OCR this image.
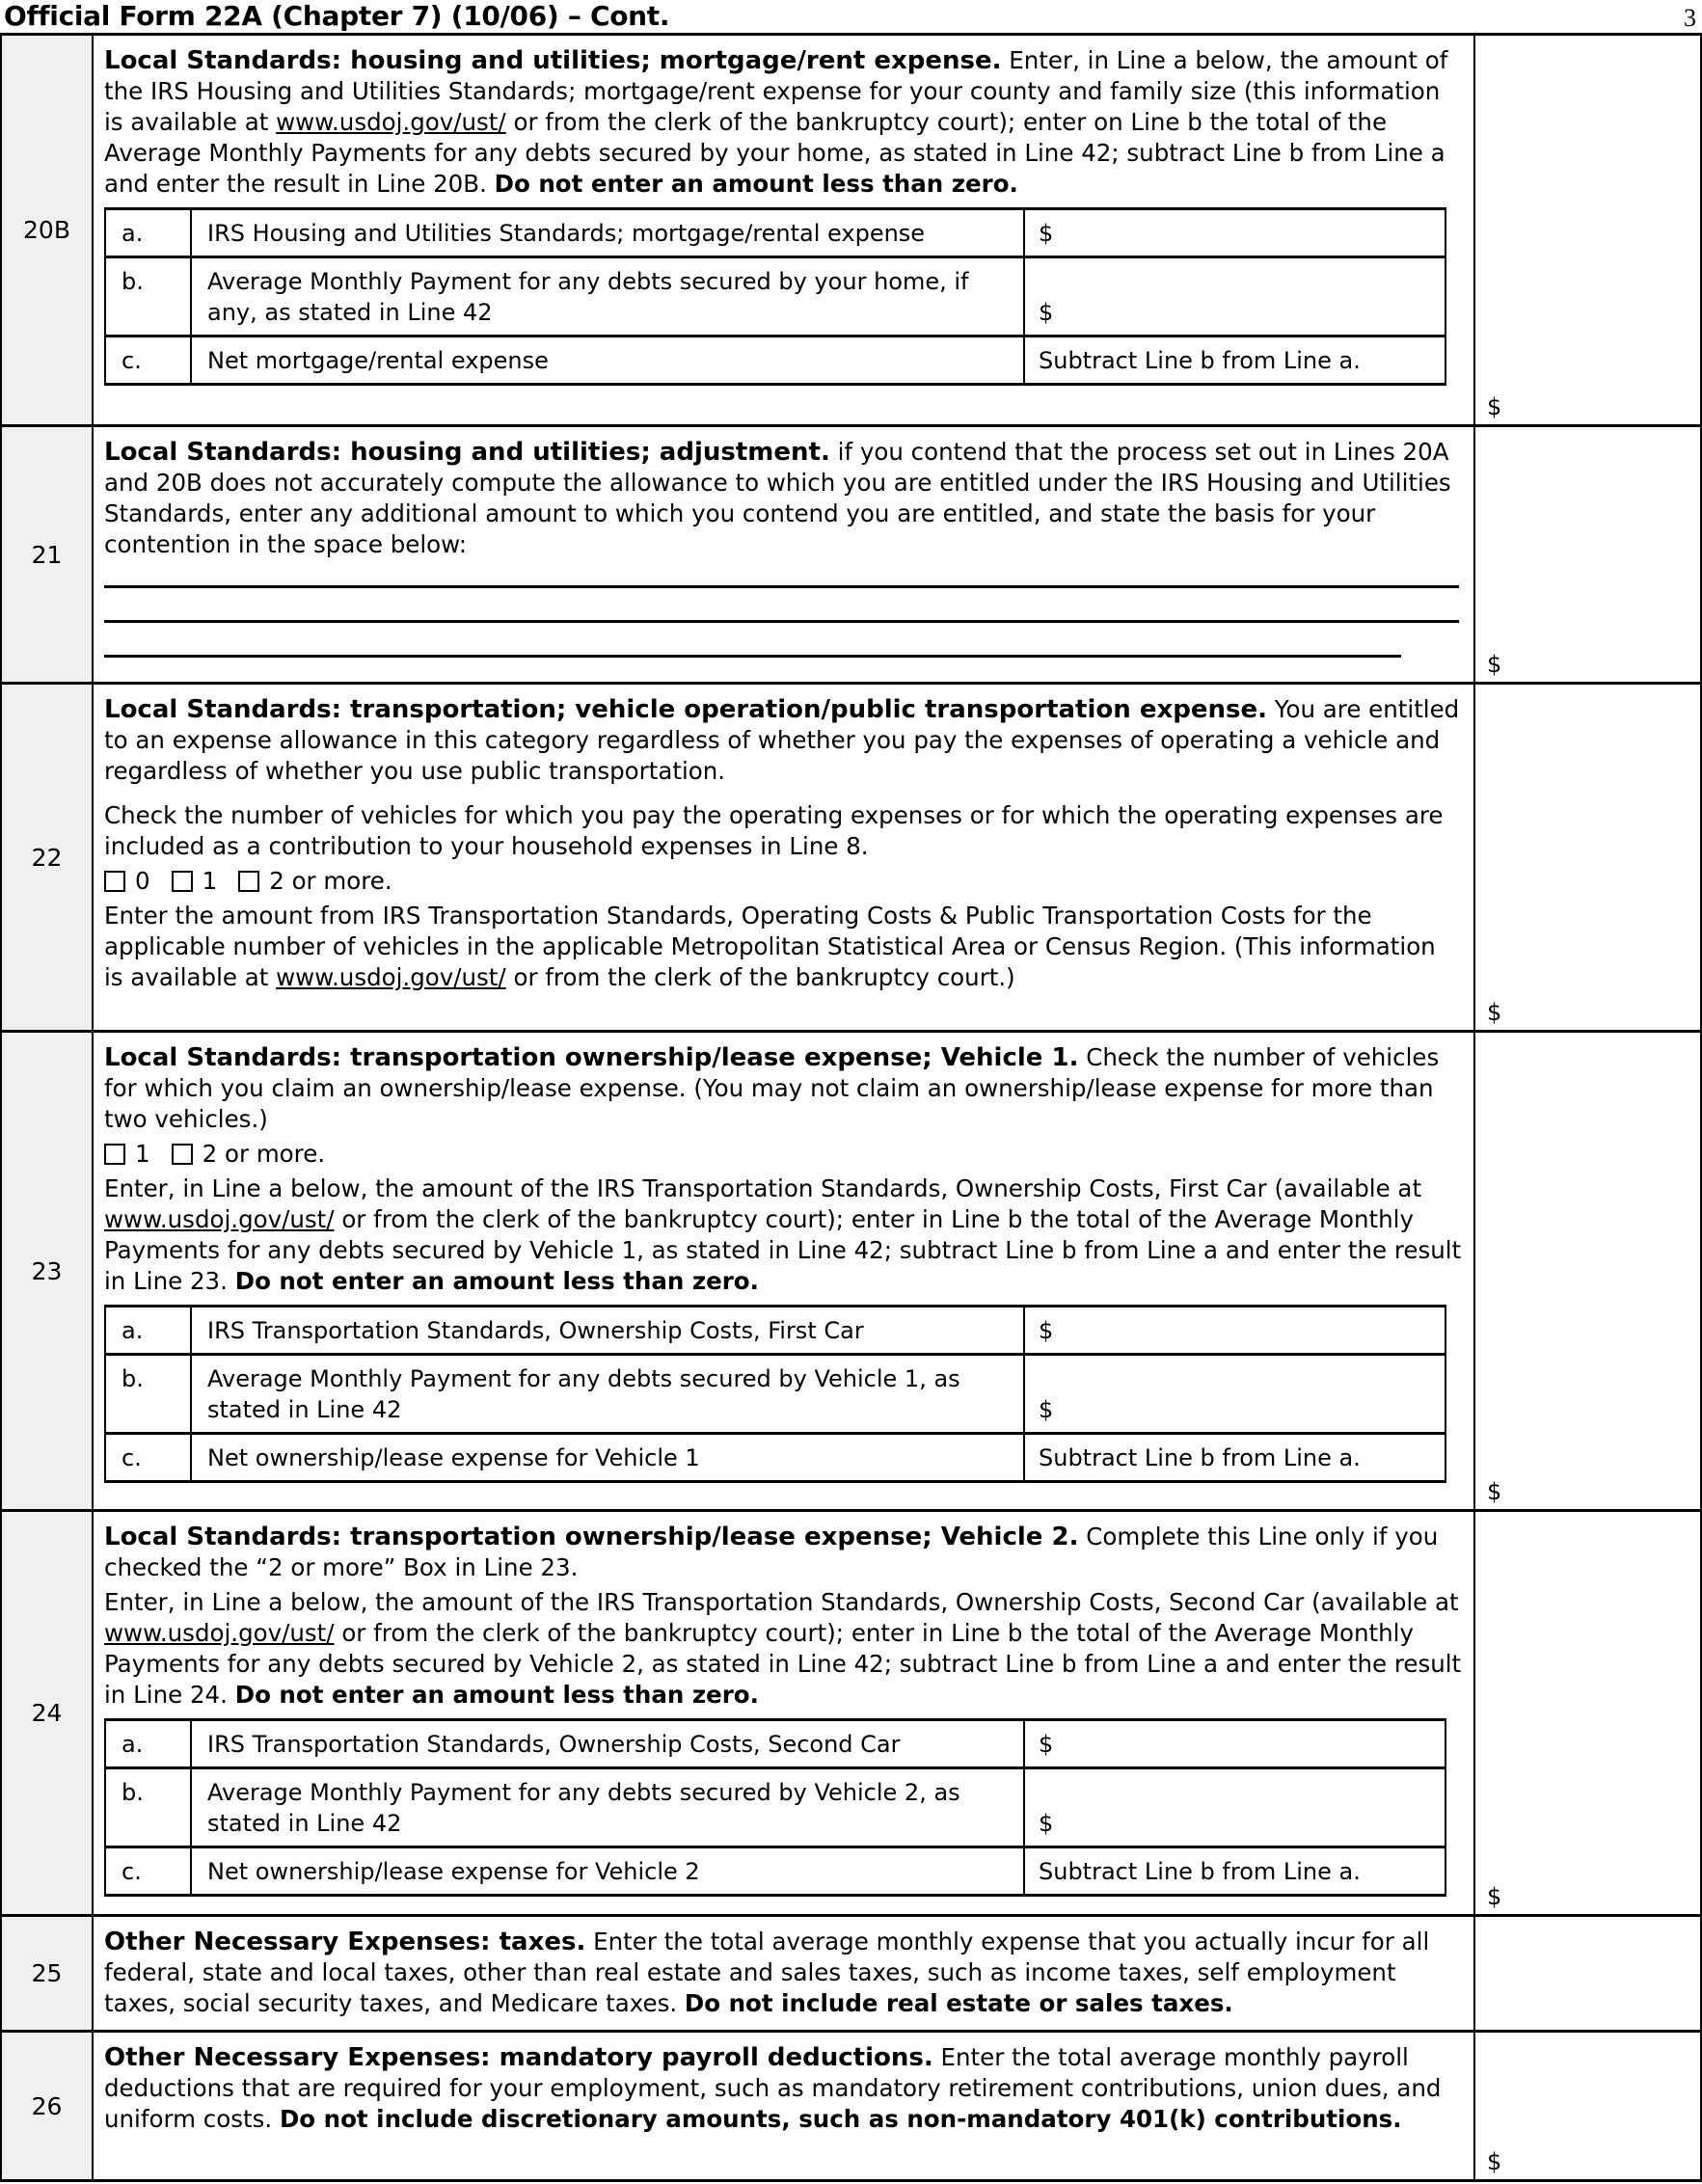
Official Form 22A (Chapter 7) (10/06) – Cont.	3
20B

Local Standards: housing and utilities; mortgage/rent expense. Enter, in Line a below, the amount of the IRS Housing and Utilities Standards; mortgage/rent expense for your county and family size (this information is available at www.usdoj.gov/ust/ or from the clerk of the bankruptcy court); enter on Line b the total of the Average Monthly Payments for any debts secured by your home, as stated in Line 42; subtract Line b from Line a and enter the result in Line 20B. Do not enter an amount less than zero.

a.	IRS Housing and Utilities Standards; mortgage/rental expense	$
b.	Average Monthly Payment for any debts secured by your home, if any, as stated in Line 42	$
c.	Net mortgage/rental expense	Subtract Line b from Line a.
$
21

Local Standards: housing and utilities; adjustment. if you contend that the process set out in Lines 20A and 20B does not accurately compute the allowance to which you are entitled under the IRS Housing and Utilities Standards, enter any additional amount to which you contend you are entitled, and state the basis for your contention in the space below:

$
22

Local Standards: transportation; vehicle operation/public transportation expense. You are entitled to an expense allowance in this category regardless of whether you pay the expenses of operating a vehicle and regardless of whether you use public transportation.

Check the number of vehicles for which you pay the operating expenses or for which the operating expenses are included as a contribution to your household expenses in Line 8.

0 1 2 or more.

Enter the amount from IRS Transportation Standards, Operating Costs & Public Transportation Costs for the applicable number of vehicles in the applicable Metropolitan Statistical Area or Census Region. (This information is available at www.usdoj.gov/ust/ or from the clerk of the bankruptcy court.)

$
23

Local Standards: transportation ownership/lease expense; Vehicle 1. Check the number of vehicles for which you claim an ownership/lease expense. (You may not claim an ownership/lease expense for more than two vehicles.)

1 2 or more.

Enter, in Line a below, the amount of the IRS Transportation Standards, Ownership Costs, First Car (available at www.usdoj.gov/ust/ or from the clerk of the bankruptcy court); enter in Line b the total of the Average Monthly Payments for any debts secured by Vehicle 1, as stated in Line 42; subtract Line b from Line a and enter the result in Line 23. Do not enter an amount less than zero.

a.	IRS Transportation Standards, Ownership Costs, First Car	$
b.	Average Monthly Payment for any debts secured by Vehicle 1, as stated in Line 42	$
c.	Net ownership/lease expense for Vehicle 1	Subtract Line b from Line a.
$
24

Local Standards: transportation ownership/lease expense; Vehicle 2. Complete this Line only if you checked the “2 or more” Box in Line 23.

Enter, in Line a below, the amount of the IRS Transportation Standards, Ownership Costs, Second Car (available at www.usdoj.gov/ust/ or from the clerk of the bankruptcy court); enter in Line b the total of the Average Monthly Payments for any debts secured by Vehicle 2, as stated in Line 42; subtract Line b from Line a and enter the result in Line 24. Do not enter an amount less than zero.

a.	IRS Transportation Standards, Ownership Costs, Second Car	$
b.	Average Monthly Payment for any debts secured by Vehicle 2, as stated in Line 42	$
c.	Net ownership/lease expense for Vehicle 2	Subtract Line b from Line a.
$
25

Other Necessary Expenses: taxes. Enter the total average monthly expense that you actually incur for all federal, state and local taxes, other than real estate and sales taxes, such as income taxes, self employment taxes, social security taxes, and Medicare taxes. Do not include real estate or sales taxes.

26

Other Necessary Expenses: mandatory payroll deductions. Enter the total average monthly payroll deductions that are required for your employment, such as mandatory retirement contributions, union dues, and uniform costs. Do not include discretionary amounts, such as non-mandatory 401(k) contributions.

$
